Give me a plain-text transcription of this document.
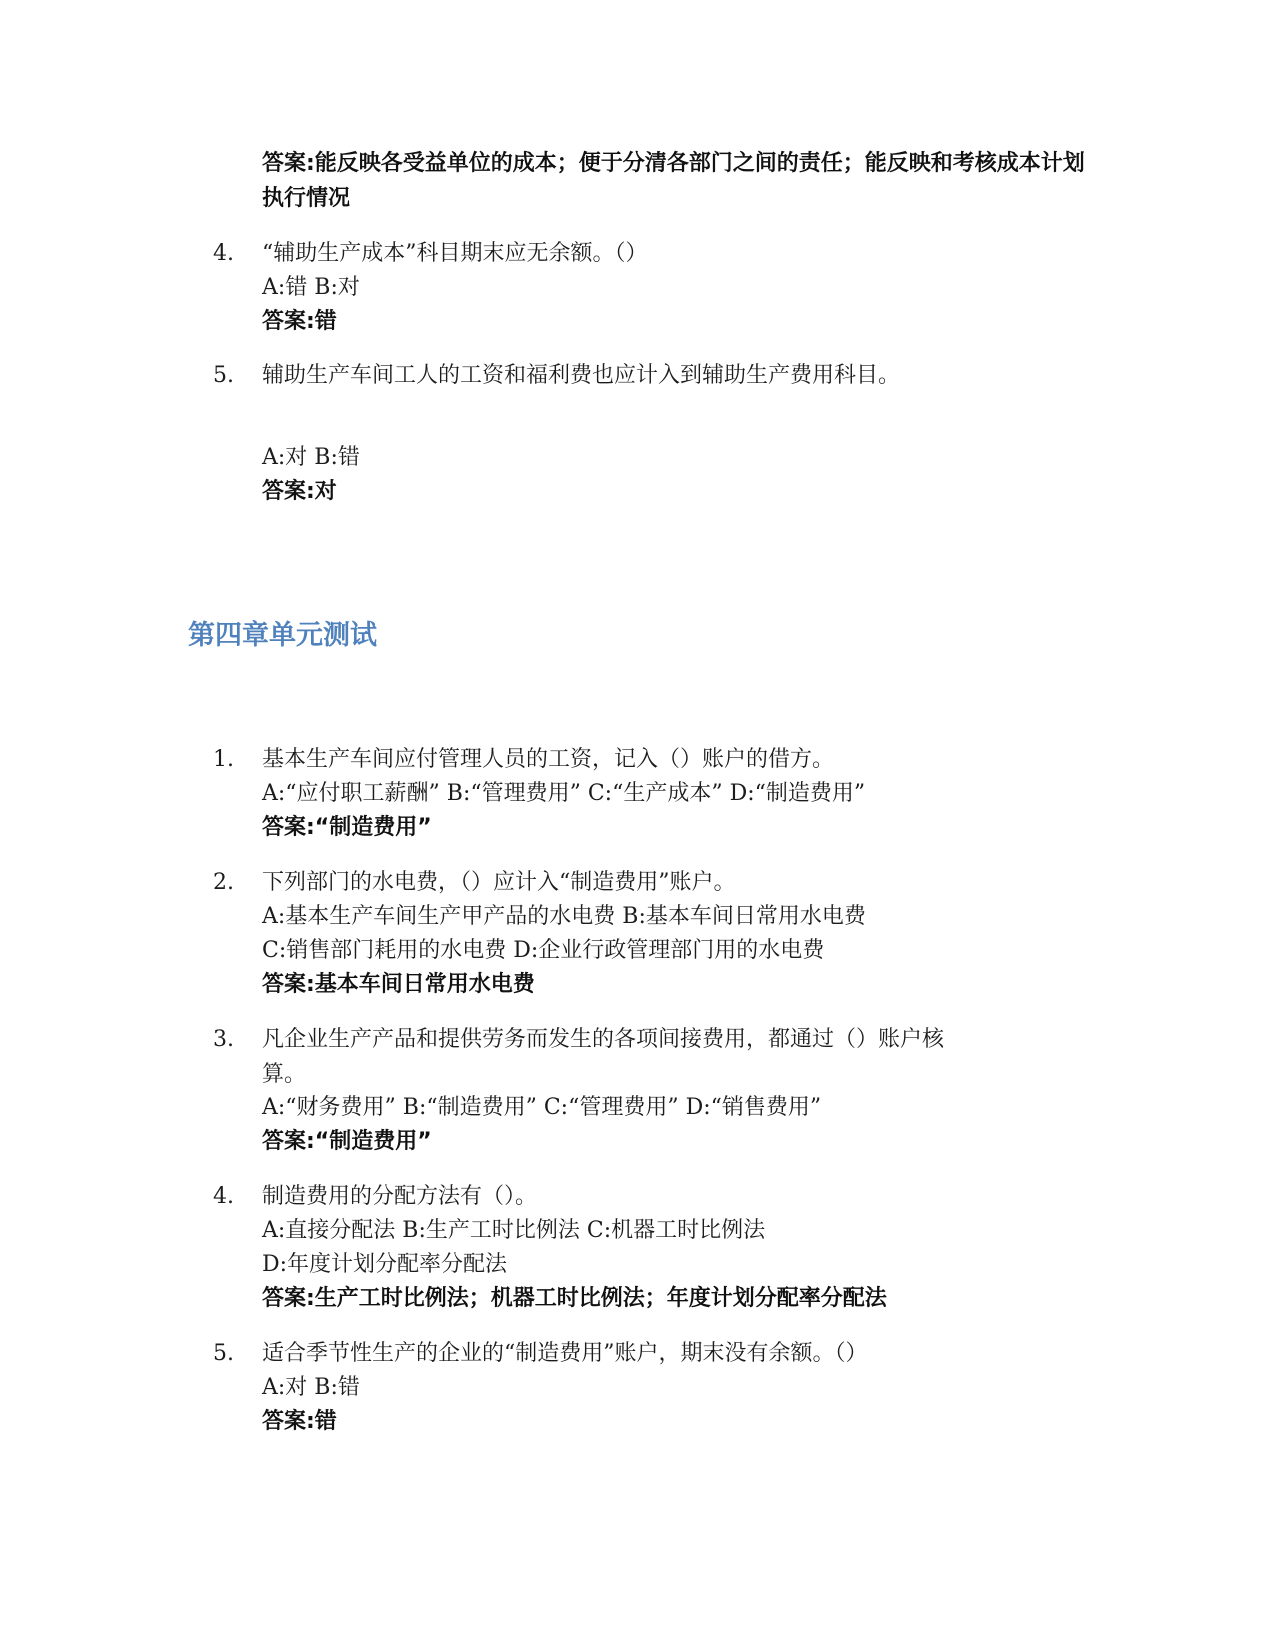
答案:能反映各受益单位的成本；便于分清各部门之间的责任；能反映和考核成本计划执行情况
4. “辅助生产成本”科目期末应无余额。（）
A:错 B:对
答案:错
5. 辅助生产车间工人的工资和福利费也应计入到辅助生产费用科目。
A:对 B:错
答案:对
第四章单元测试
1. 基本生产车间应付管理人员的工资，记入（）账户的借方。
A:“应付职工薪酬” B:“管理费用” C:“生产成本” D:“制造费用”
答案:“制造费用”
2. 下列部门的水电费，（）应计入“制造费用”账户。
A:基本生产车间生产甲产品的水电费 B:基本车间日常用水电费
C:销售部门耗用的水电费 D:企业行政管理部门用的水电费
答案:基本车间日常用水电费
3. 凡企业生产产品和提供劳务而发生的各项间接费用，都通过（）账户核算。
A:“财务费用” B:“制造费用” C:“管理费用” D:“销售费用”
答案:“制造费用”
4. 制造费用的分配方法有（）。
A:直接分配法 B:生产工时比例法 C:机器工时比例法
D:年度计划分配率分配法
答案:生产工时比例法；机器工时比例法；年度计划分配率分配法
5. 适合季节性生产的企业的“制造费用”账户，期末没有余额。（）
A:对 B:错
答案:错
